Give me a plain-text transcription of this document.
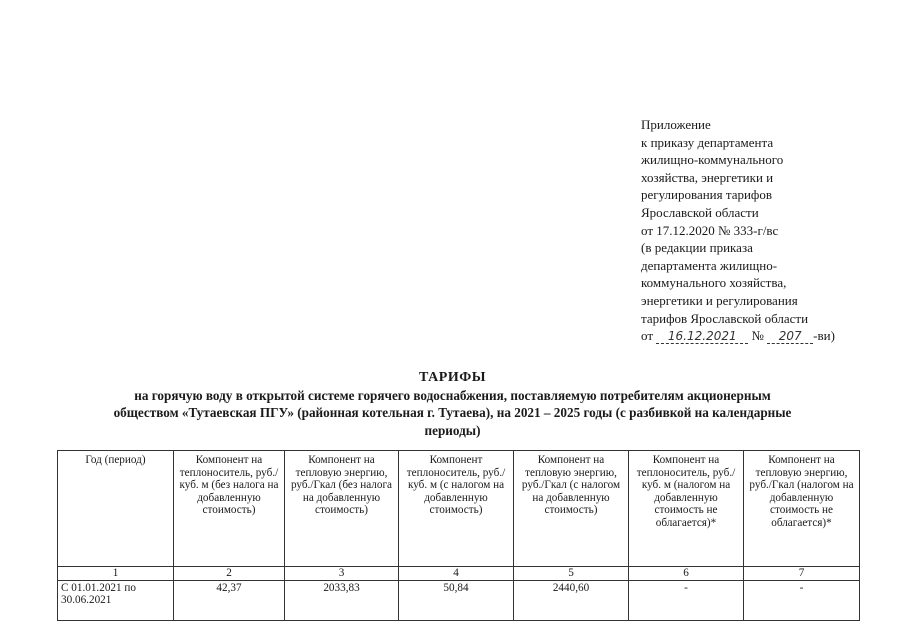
Приложение
к приказу департамента
жилищно-коммунального
хозяйства, энергетики и
регулирования тарифов
Ярославской области
от 17.12.2020 № 333-г/вс
(в редакции приказа
департамента жилищно-
коммунального хозяйства,
энергетики и регулирования
тарифов Ярославской области
от 16.12.2021 № 207 -ви)
ТАРИФЫ
на горячую воду в открытой системе горячего водоснабжения, поставляемую потребителям акционерным
обществом «Тутаевская ПГУ» (районная котельная г. Тутаева), на 2021 – 2025 годы (с разбивкой на календарные
периоды)
Год (период)	Компонент на теплоноситель, руб./ куб. м (без налога на добавленную стоимость)	Компонент на тепловую энергию, руб./Гкал (без налога на добавленную стоимость)	Компонент теплоноситель, руб./ куб. м (с налогом на добавленную стоимость)	Компонент на тепловую энергию, руб./Гкал (с налогом на добавленную стоимость)	Компонент на теплоноситель, руб./куб. м (налогом на добавленную стоимость не облагается)*	Компонент на тепловую энергию, руб./Гкал (налогом на добавленную стоимость не облагается)*
1	2	3	4	5	6	7
С 01.01.2021 по 30.06.2021	42,37	2033,83	50,84	2440,60	-	-
